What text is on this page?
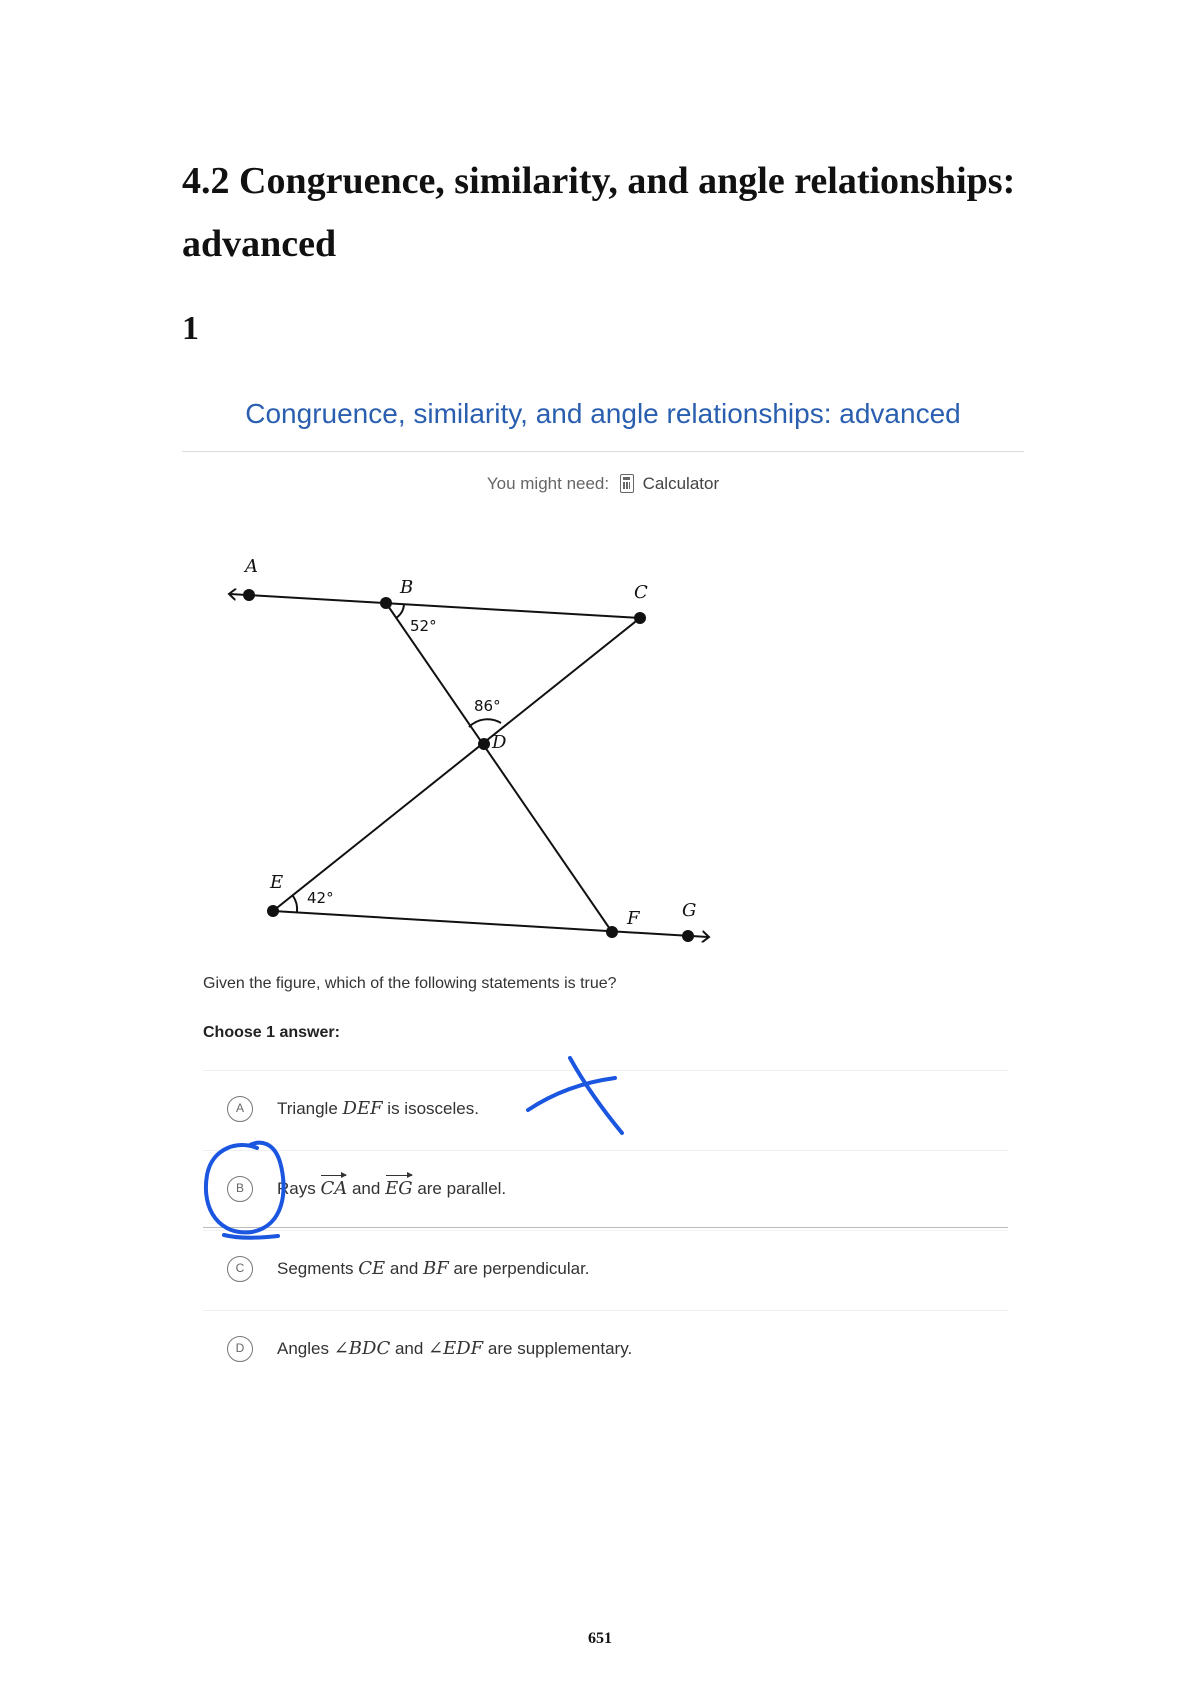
4.2 Congruence, similarity, and angle relationships: advanced
1
Congruence, similarity, and angle relationships: advanced
You might need: Calculator
A
B	C
D
E
F G
52°
86°
42°
Given the figure, which of the following statements is true?
Choose 1 answer:
A	Triangle DEF is isosceles.
B	Rays CA and EG are parallel.
C	Segments CE and BF are perpendicular.
D	Angles ∠BDC and ∠EDF are supplementary.
651
